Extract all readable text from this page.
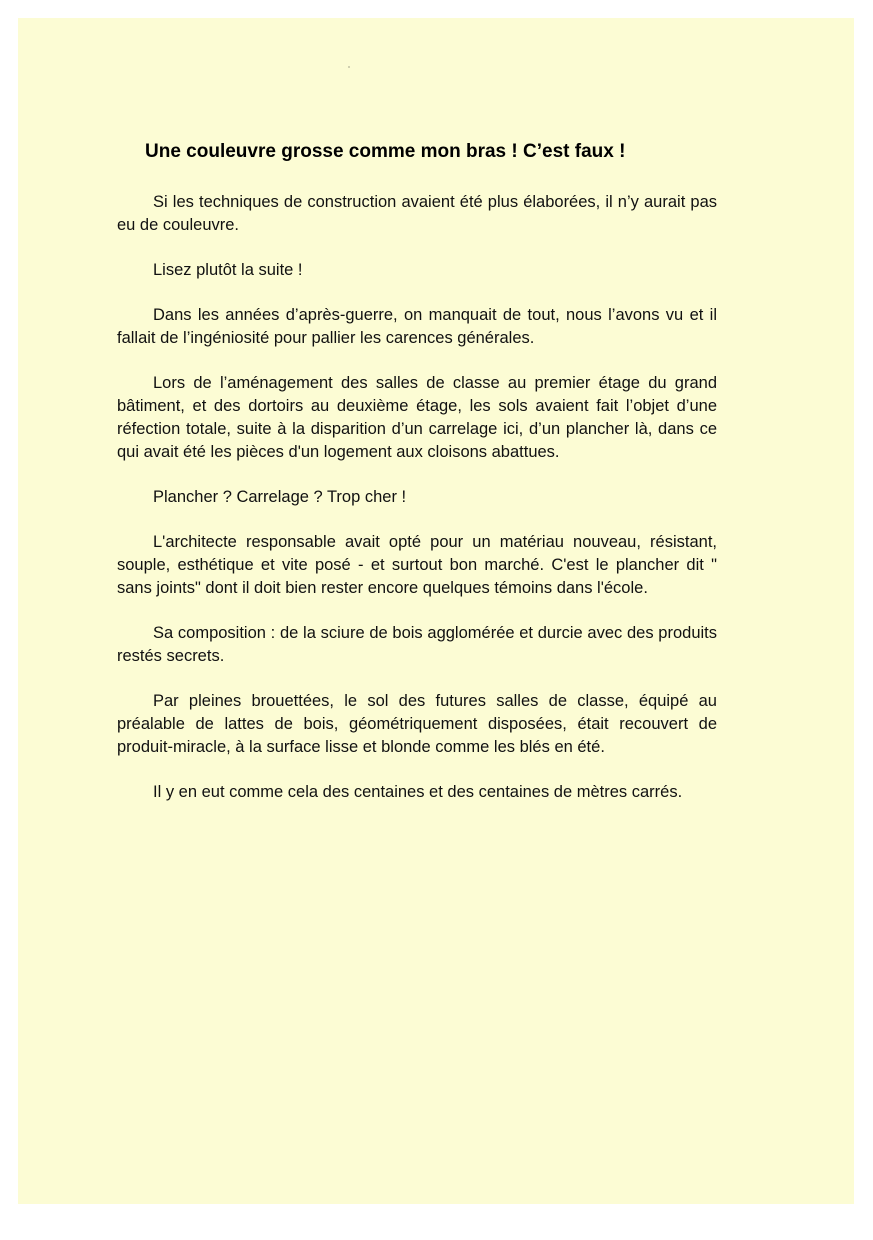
Une couleuvre grosse comme mon bras ! C’est faux !

Si les techniques de construction avaient été plus élaborées, il n’y aurait pas eu de couleuvre.

Lisez plutôt la suite !

Dans les années d’après-guerre, on manquait de tout, nous l’avons vu et il fallait de l’ingéniosité pour pallier les carences générales.

Lors de l’aménagement des salles de classe au premier étage du grand bâtiment, et des dortoirs au deuxième étage, les sols avaient fait l’objet d’une réfection totale, suite à la disparition d’un carrelage ici, d’un plancher là, dans ce qui avait été les pièces d'un logement aux cloisons abattues.

Plancher ? Carrelage ? Trop cher !

L'architecte responsable avait opté pour un matériau nouveau, résistant, souple, esthétique et vite posé - et surtout bon marché. C'est le plancher dit " sans joints" dont il doit bien rester encore quelques témoins dans l'école.

Sa composition : de la sciure de bois agglomérée et durcie avec des produits restés secrets.

Par pleines brouettées, le sol des futures salles de classe, équipé au préalable de lattes de bois, géométriquement disposées, était recouvert de produit-miracle, à la surface lisse et blonde comme les blés en été.

Il y en eut comme cela des centaines et des centaines de mètres carrés.
